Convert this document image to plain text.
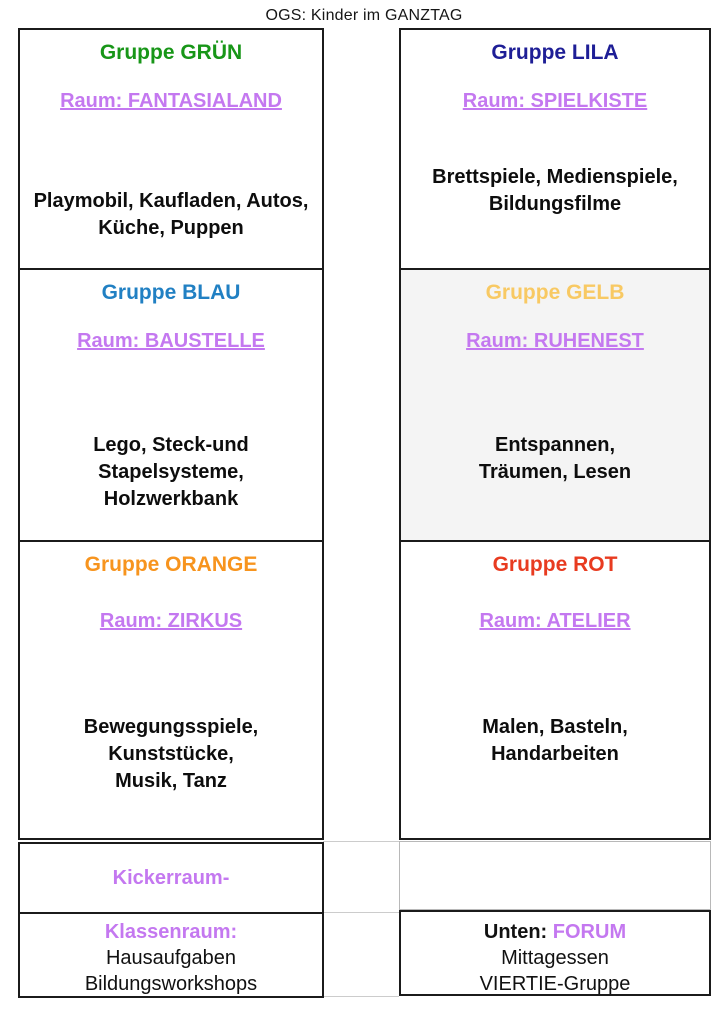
OGS: Kinder im GANZTAG
Gruppe GRÜN
Raum: FANTASIALAND
Playmobil, Kaufladen, Autos,
Küche, Puppen
Gruppe LILA
Raum: SPIELKISTE
Brettspiele, Medienspiele,
Bildungsfilme
Gruppe BLAU
Raum: BAUSTELLE
Lego, Steck-und
Stapelsysteme,
Holzwerkbank
Gruppe GELB
Raum: RUHENEST
Entspannen,
Träumen, Lesen
Gruppe ORANGE
Raum: ZIRKUS
Bewegungsspiele,
Kunststücke,
Musik, Tanz
Gruppe ROT
Raum: ATELIER
Malen, Basteln,
Handarbeiten
Kickerraum-
Klassenraum:
Hausaufgaben
Bildungsworkshops
Unten: FORUM
Mittagessen
VIERTIE-Gruppe
